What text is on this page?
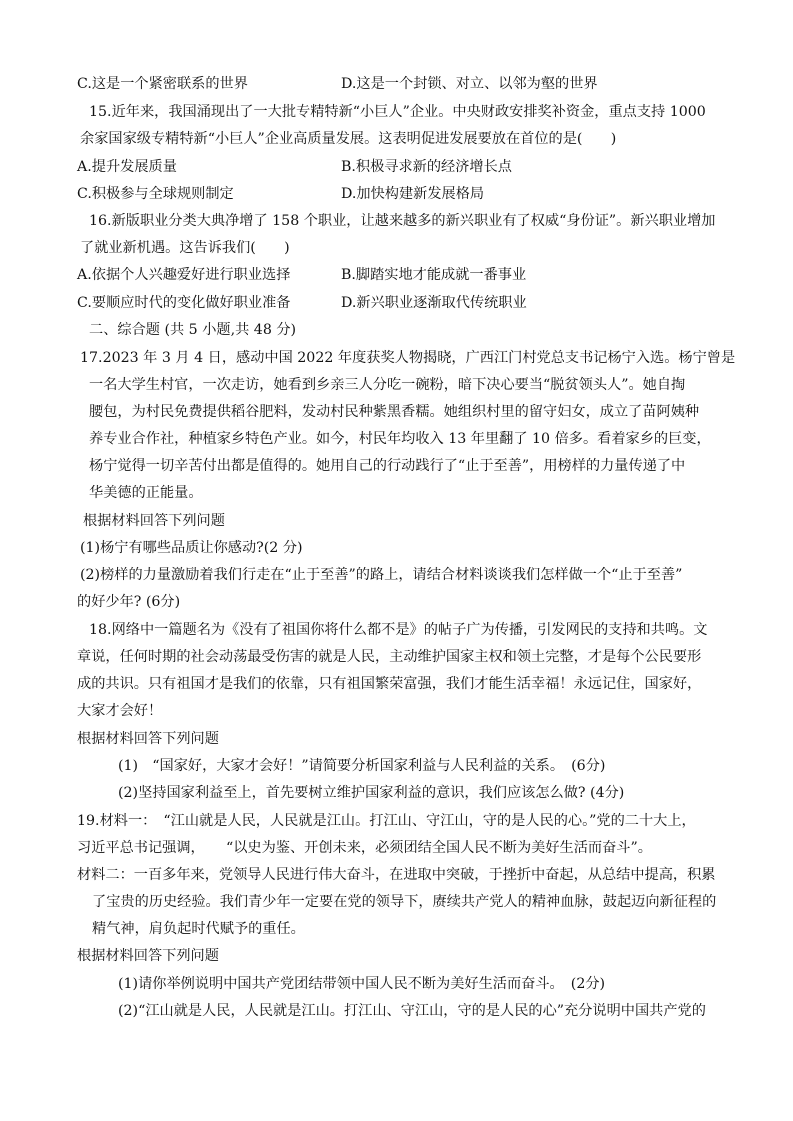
C.这是一个紧密联系的世界	D.这是一个封锁、对立、以邻为壑的世界
15.近年来，我国涌现出了一大批专精特新“小巨人”企业。中央财政安排奖补资金，重点支持 1000
余家国家级专精特新“小巨人”企业高质量发展。这表明促进发展要放在首位的是(　　)
A.提升发展质量	B.积极寻求新的经济增长点
C.积极参与全球规则制定	D.加快构建新发展格局
16.新版职业分类大典净增了 158 个职业，让越来越多的新兴职业有了权威“身份证”。新兴职业增加
了就业新机遇。这告诉我们(　　)
A.依据个人兴趣爱好进行职业选择	B.脚踏实地才能成就一番事业
C.要顺应时代的变化做好职业准备	D.新兴职业逐渐取代传统职业
二、综合题 (共 5 小题,共 48 分)
17.2023 年 3 月 4 日，感动中国 2022 年度获奖人物揭晓，广西江门村党总支书记杨宁入选。杨宁曾是
一名大学生村官，一次走访，她看到乡亲三人分吃一碗粉，暗下决心要当“脱贫领头人”。她自掏
腰包，为村民免费提供稻谷肥料，发动村民种紫黑香糯。她组织村里的留守妇女，成立了苗阿姨种
养专业合作社，种植家乡特色产业。如今，村民年均收入 13 年里翻了 10 倍多。看着家乡的巨变，
杨宁觉得一切辛苦付出都是值得的。她用自己的行动践行了“止于至善”，用榜样的力量传递了中
华美德的正能量。
根据材料回答下列问题
(1)杨宁有哪些品质让你感动?(2 分)
(2)榜样的力量激励着我们行走在“止于至善”的路上，请结合材料谈谈我们怎样做一个“止于至善”
的好少年? (6分)
18.网络中一篇题名为《没有了祖国你将什么都不是》的帖子广为传播，引发网民的支持和共鸣。文
章说，任何时期的社会动荡最受伤害的就是人民，主动维护国家主权和领土完整，才是每个公民要形
成的共识。只有祖国才是我们的依靠，只有祖国繁荣富强，我们才能生活幸福！永远记住，国家好，
大家才会好！
根据材料回答下列问题
(1)　“国家好，大家才会好！”请简要分析国家利益与人民利益的关系。　(6分)
(2)坚持国家利益至上，首先要树立维护国家利益的意识，我们应该怎么做? (4分)
19.材料一：　“江山就是人民，人民就是江山。打江山、守江山，守的是人民的心。”党的二十大上，
习近平总书记强调，　　“以史为鉴、开创未来，必须团结全国人民不断为美好生活而奋斗”。
材料二：一百多年来，党领导人民进行伟大奋斗，在进取中突破，于挫折中奋起，从总结中提高，积累
了宝贵的历史经验。我们青少年一定要在党的领导下，赓续共产党人的精神血脉，鼓起迈向新征程的
精气神，肩负起时代赋予的重任。
根据材料回答下列问题
(1)请你举例说明中国共产党团结带领中国人民不断为美好生活而奋斗。　(2分)
(2)“江山就是人民，人民就是江山。打江山、守江山，守的是人民的心”充分说明中国共产党的
